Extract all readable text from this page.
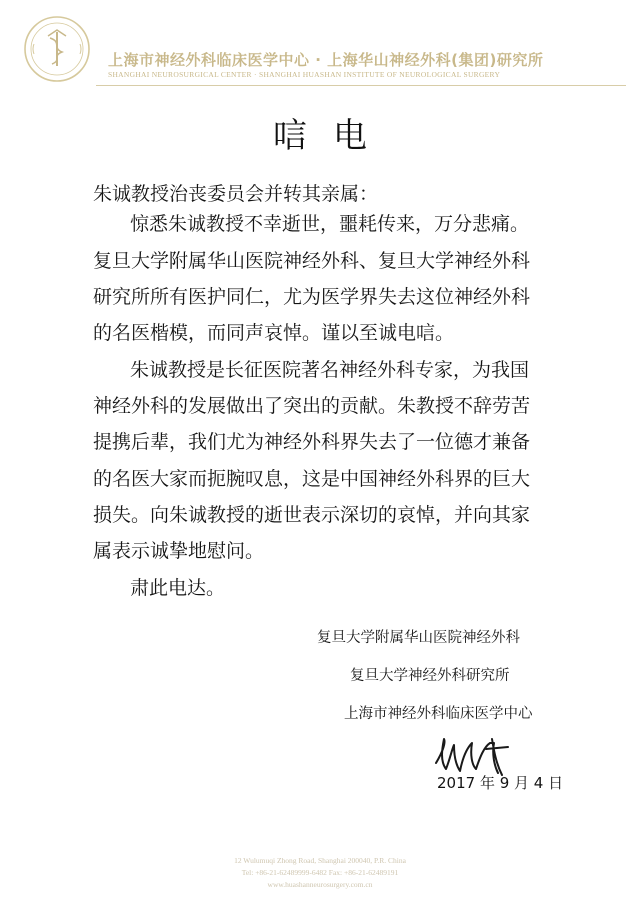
上海市神经外科临床医学中心 · 上海华山神经外科(集团)研究所
SHANGHAI NEUROSURGICAL CENTER · SHANGHAI HUASHAN INSTITUTE OF NEUROLOGICAL SURGERY
唁电
朱诚教授治丧委员会并转其亲属：
惊悉朱诚教授不幸逝世，噩耗传来，万分悲痛。
复旦大学附属华山医院神经外科、复旦大学神经外科
研究所所有医护同仁，尤为医学界失去这位神经外科
的名医楷模，而同声哀悼。谨以至诚电唁。
朱诚教授是长征医院著名神经外科专家，为我国
神经外科的发展做出了突出的贡献。朱教授不辞劳苦
提携后辈，我们尤为神经外科界失去了一位德才兼备
的名医大家而扼腕叹息，这是中国神经外科界的巨大
损失。向朱诚教授的逝世表示深切的哀悼，并向其家
属表示诚挚地慰问。
肃此电达。
复旦大学附属华山医院神经外科
复旦大学神经外科研究所
上海市神经外科临床医学中心
2017 年 9 月 4 日
12 Wulumuqi Zhong Road, Shanghai 200040, P.R. China
Tel: +86-21-62489999-6482 Fax: +86-21-62489191
www.huashanneurosurgery.com.cn
